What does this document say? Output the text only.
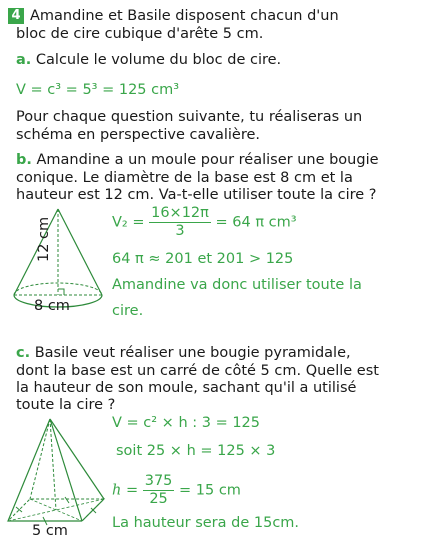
4 Amandine et Basile disposent chacun d'un
bloc de cire cubique d'arête 5 cm.
a. Calcule le volume du bloc de cire.
V = c³ = 5³ = 125 cm³
Pour chaque question suivante, tu réaliseras un
schéma en perspective cavalière.
b. Amandine a un moule pour réaliser une bougie
conique. Le diamètre de la base est 8 cm et la
hauteur est 12 cm. Va-t-elle utiliser toute la cire ?
12 cm
8 cm
$V_2 = \frac{16\times 12\pi}{3} = 64$ π cm³
64 π ≈ 201 et 201 > 125
Amandine va donc utiliser toute la
cire.
c. Basile veut réaliser une bougie pyramidale,
dont la base est un carré de côté 5 cm. Quelle est
la hauteur de son moule, sachant qu'il a utilisé
toute la cire ?
5 cm
V = c² × h : 3 = 125
soit 25 × h = 125 × 3
$h = \frac{375}{25} = 15$ cm
La hauteur sera de 15cm.
